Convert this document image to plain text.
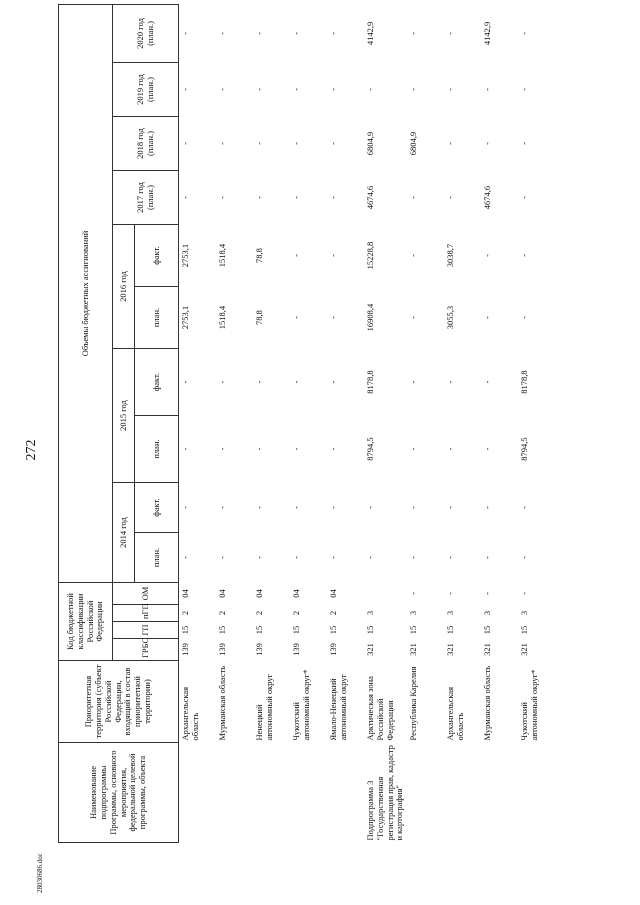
272
28030686.doc
Наименование подпрограммы Программы, основного мероприятия, федеральной целевой программы, объекта	Приоритетная территория (субъект Российской Федерации, входящий в состав приоритетной территории)	Код бюджетной классификации Российской Федерации				Объемы бюджетных ассигнований									
		ГРБС	ГП	пГП	ОМ	2014 год		2015 год		2016 год		2017 год (план.)	2018 год (план.)	2019 год (план.)	2020 год (план.)
						план.	факт.	план.	факт.	план.	факт.				

	Архангельская область	139	15	2	04	-	-	-	-	2753,1	2753,1	-	-	-	-
	Мурманская область	139	15	2	04	-	-	-	-	1518,4	1518,4	-	-	-	-
	Ненецкий автономный округ	139	15	2	04	-	-	-	-	78,8	78,8	-	-	-	-
	Чукотский автономный округ*	139	15	2	04	-	-	-	-	-	-	-	-	-	-
	Ямало-Ненецкий автономный округ	139	15	2	04	-	-	-	-	-	-	-	-	-	-
Подпрограмма 3 "Государственная регистрация прав, кадастр и картография"	Арктическая зона Российской Федерации	321	15	3		-	-	8794,5	8178,8	16908,4	15228,8	4674,6	6804,9	-	4142,9
	Республика Карелия	321	15	3	-	-	-	-	-	-	-	-	6804,9	-	-
	Архангельская область	321	15	3	-	-	-	-	-	3055,3	3038,7	-	-	-	-
	Мурманская область	321	15	3	-	-	-	-	-	-	-	4674,6	-	-	4142,9
	Чукотский автономный округ*	321	15	3	-	-	-	8794,5	8178,8	-	-	-	-	-	-
